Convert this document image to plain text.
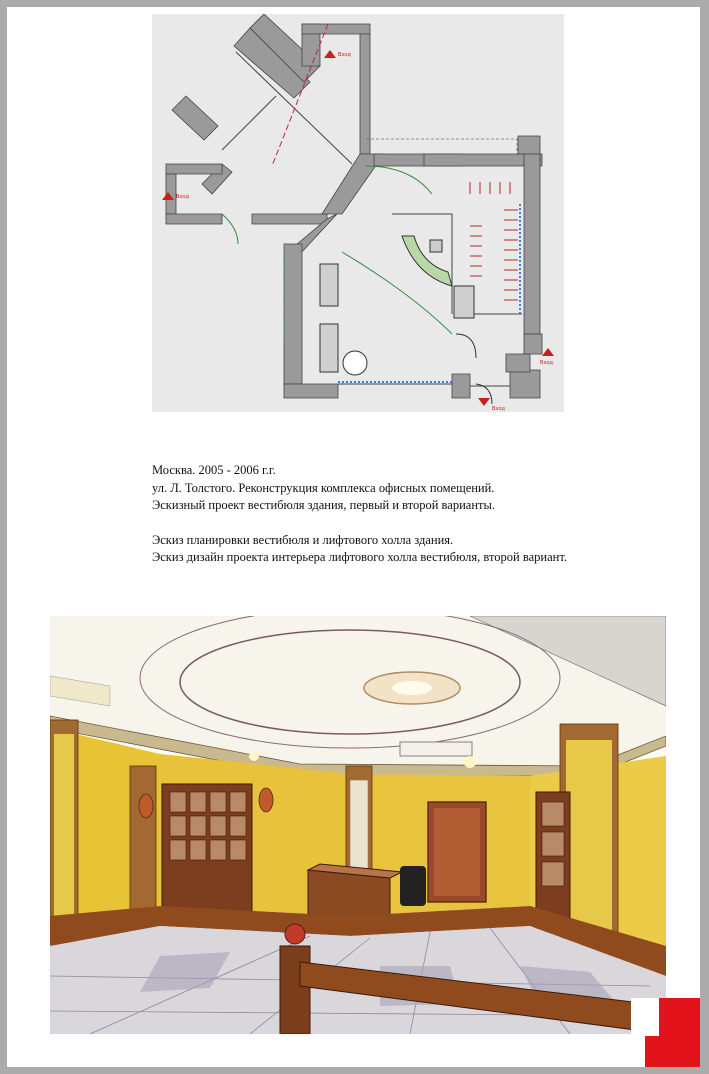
Вход
Вход
Вход
Вход

Москва. 2005 - 2006 г.г.

ул. Л. Толстого. Реконструкция комплекса офисных помещений.

Эскизный проект вестибюля здания, первый и второй варианты.

Эскиз планировки вестибюля и лифтового холла здания.

Эскиз дизайн проекта интерьера лифтового холла вестибюля, второй вариант.
